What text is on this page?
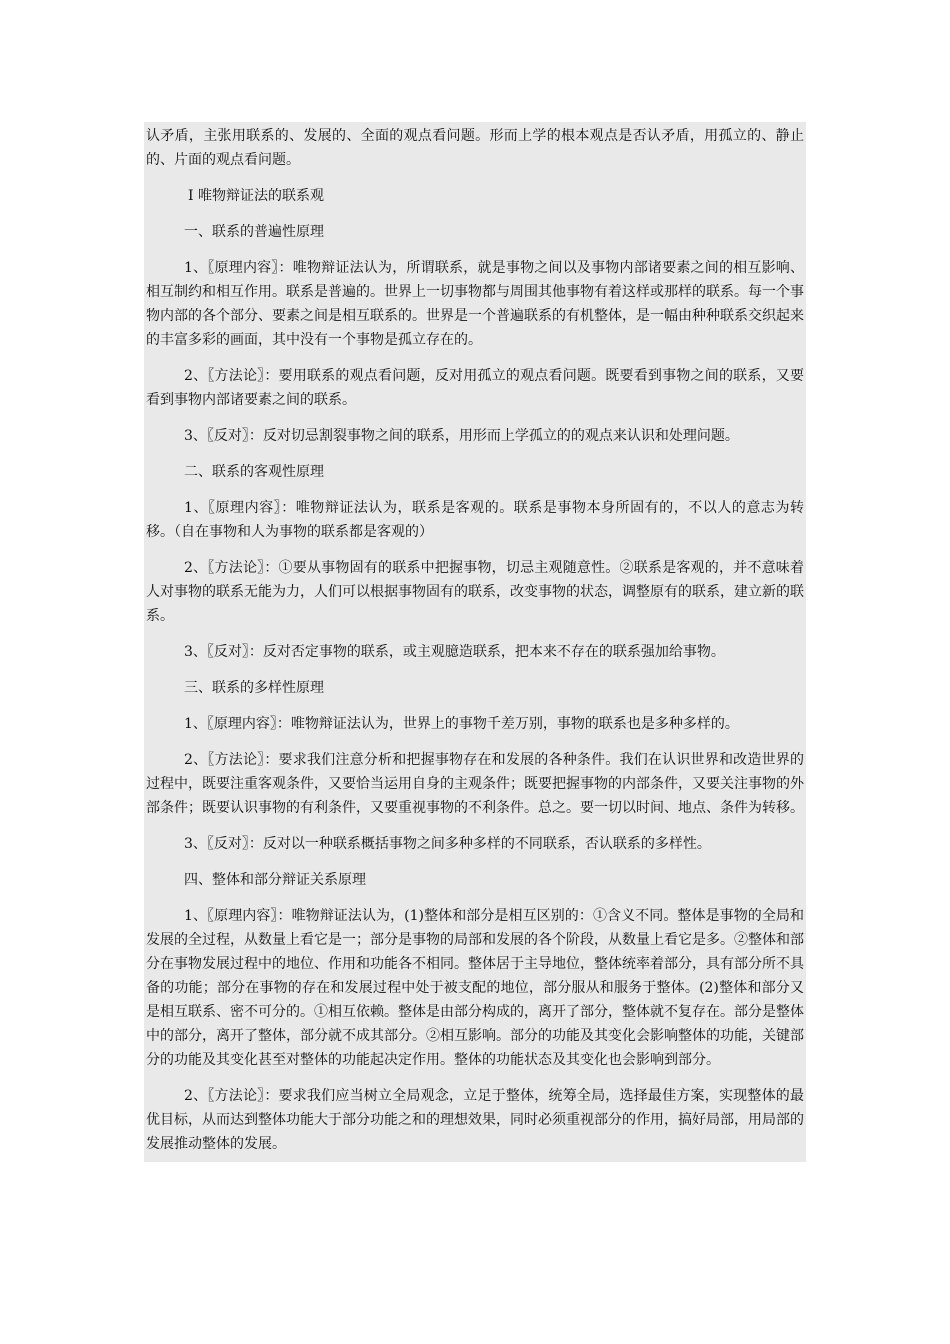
认矛盾，主张用联系的、发展的、全面的观点看问题。形而上学的根本观点是否认矛盾，用孤立的、静止的、片面的观点看问题。

Ⅰ 唯物辩证法的联系观
一、联系的普遍性原理

1、〖原理内容〗：唯物辩证法认为，所谓联系，就是事物之间以及事物内部诸要素之间的相互影响、相互制约和相互作用。联系是普遍的。世界上一切事物都与周围其他事物有着这样或那样的联系。每一个事物内部的各个部分、要素之间是相互联系的。世界是一个普遍联系的有机整体，是一幅由种种联系交织起来的丰富多彩的画面，其中没有一个事物是孤立存在的。

2、〖方法论〗：要用联系的观点看问题，反对用孤立的观点看问题。既要看到事物之间的联系，又要看到事物内部诸要素之间的联系。

3、〖反对〗：反对切忌割裂事物之间的联系，用形而上学孤立的的观点来认识和处理问题。

二、联系的客观性原理

1、〖原理内容〗：唯物辩证法认为，联系是客观的。联系是事物本身所固有的，不以人的意志为转移。（自在事物和人为事物的联系都是客观的）

2、〖方法论〗：①要从事物固有的联系中把握事物，切忌主观随意性。②联系是客观的，并不意味着人对事物的联系无能为力，人们可以根据事物固有的联系，改变事物的状态，调整原有的联系，建立新的联系。

3、〖反对〗：反对否定事物的联系，或主观臆造联系，把本来不存在的联系强加给事物。

三、联系的多样性原理

1、〖原理内容〗：唯物辩证法认为，世界上的事物千差万别，事物的联系也是多种多样的。

2、〖方法论〗：要求我们注意分析和把握事物存在和发展的各种条件。我们在认识世界和改造世界的过程中，既要注重客观条件，又要恰当运用自身的主观条件；既要把握事物的内部条件，又要关注事物的外部条件；既要认识事物的有利条件，又要重视事物的不利条件。总之。要一切以时间、地点、条件为转移。

3、〖反对〗：反对以一种联系概括事物之间多种多样的不同联系，否认联系的多样性。

四、整体和部分辩证关系原理

1、〖原理内容〗：唯物辩证法认为，(1)整体和部分是相互区别的：①含义不同。整体是事物的全局和发展的全过程，从数量上看它是一；部分是事物的局部和发展的各个阶段，从数量上看它是多。②整体和部分在事物发展过程中的地位、作用和功能各不相同。整体居于主导地位，整体统率着部分，具有部分所不具备的功能；部分在事物的存在和发展过程中处于被支配的地位，部分服从和服务于整体。(2)整体和部分又是相互联系、密不可分的。①相互依赖。整体是由部分构成的，离开了部分，整体就不复存在。部分是整体中的部分，离开了整体，部分就不成其部分。②相互影响。部分的功能及其变化会影响整体的功能，关键部分的功能及其变化甚至对整体的功能起决定作用。整体的功能状态及其变化也会影响到部分。

2、〖方法论〗：要求我们应当树立全局观念，立足于整体，统筹全局，选择最佳方案，实现整体的最优目标，从而达到整体功能大于部分功能之和的理想效果，同时必须重视部分的作用，搞好局部，用局部的发展推动整体的发展。
